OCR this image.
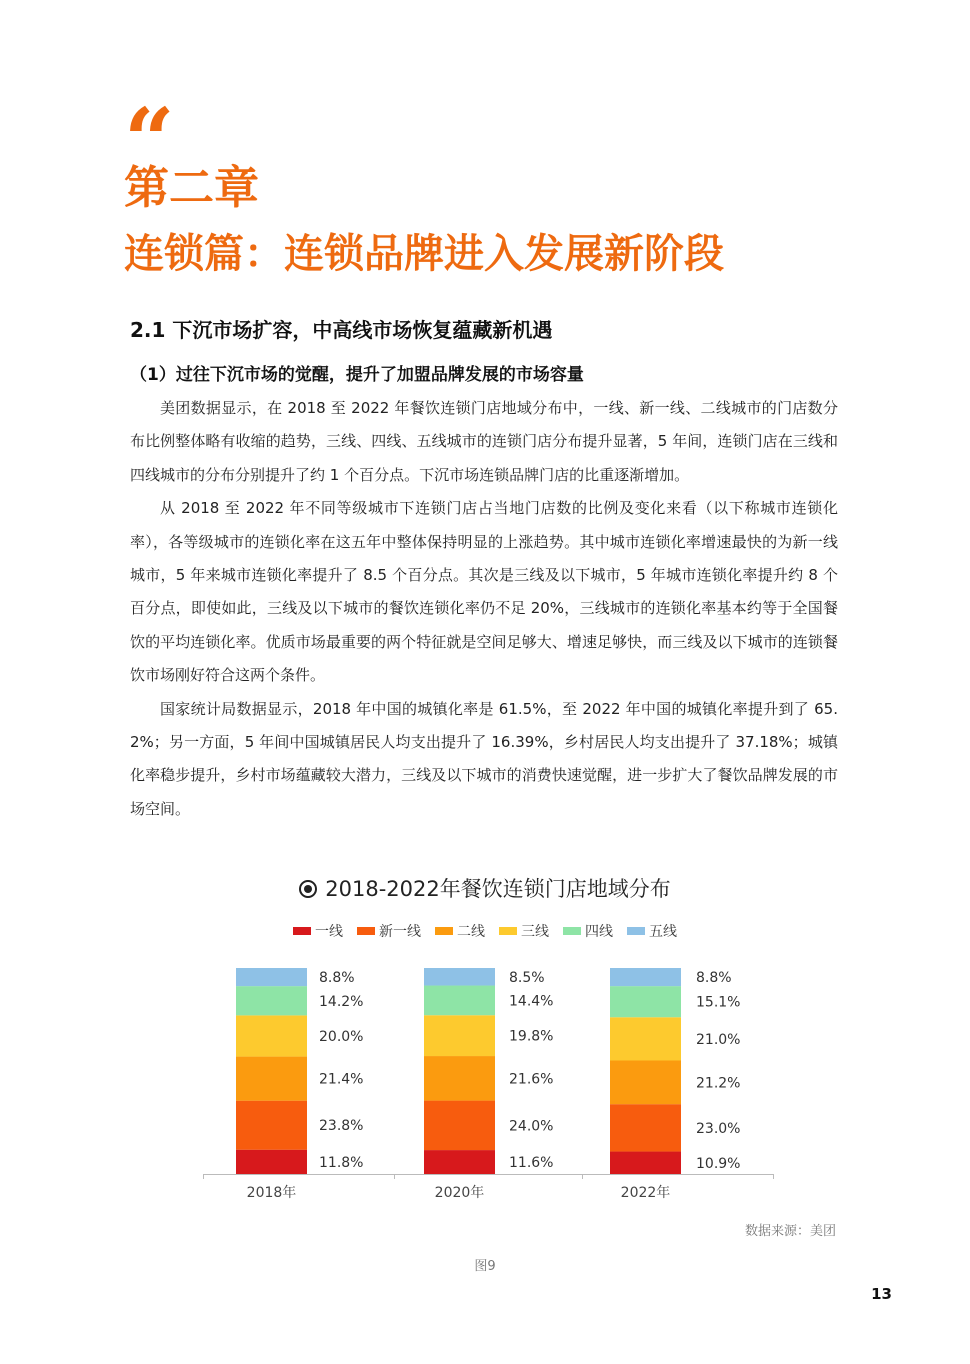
“
第二章
连锁篇：连锁品牌进入发展新阶段
2.1 下沉市场扩容，中高线市场恢复蕴藏新机遇
（1）过往下沉市场的觉醒，提升了加盟品牌发展的市场容量

美团数据显示，在 2018 至 2022 年餐饮连锁门店地域分布中，一线、新一线、二线城市的门店数分布比例整体略有收缩的趋势，三线、四线、五线城市的连锁门店分布提升显著，5 年间，连锁门店在三线和四线城市的分布分别提升了约 1 个百分点。下沉市场连锁品牌门店的比重逐渐增加。

从 2018 至 2022 年不同等级城市下连锁门店占当地门店数的比例及变化来看（以下称城市连锁化率），各等级城市的连锁化率在这五年中整体保持明显的上涨趋势。其中城市连锁化率增速最快的为新一线城市，5 年来城市连锁化率提升了 8.5 个百分点。其次是三线及以下城市，5 年城市连锁化率提升约 8 个百分点，即使如此，三线及以下城市的餐饮连锁化率仍不足 20%，三线城市的连锁化率基本约等于全国餐饮的平均连锁化率。优质市场最重要的两个特征就是空间足够大、增速足够快，而三线及以下城市的连锁餐饮市场刚好符合这两个条件。

国家统计局数据显示，2018 年中国的城镇化率是 61.5%，至 2022 年中国的城镇化率提升到了 65.2%；另一方面，5 年间中国城镇居民人均支出提升了 16.39%，乡村居民人均支出提升了 37.18%；城镇化率稳步提升，乡村市场蕴藏较大潜力，三线及以下城市的消费快速觉醒，进一步扩大了餐饮品牌发展的市场空间。

2018-2022年餐饮连锁门店地域分布
一线	新一线	二线	三线	四线	五线
11.8%
23.8%
21.4%
20.0%
14.2%
8.8%
2018年
11.6%
24.0%
21.6%
19.8%
14.4%
8.5%
2020年
10.9%
23.0%
21.2%
21.0%
15.1%
8.8%
2022年
数据来源：美团
图9
13
